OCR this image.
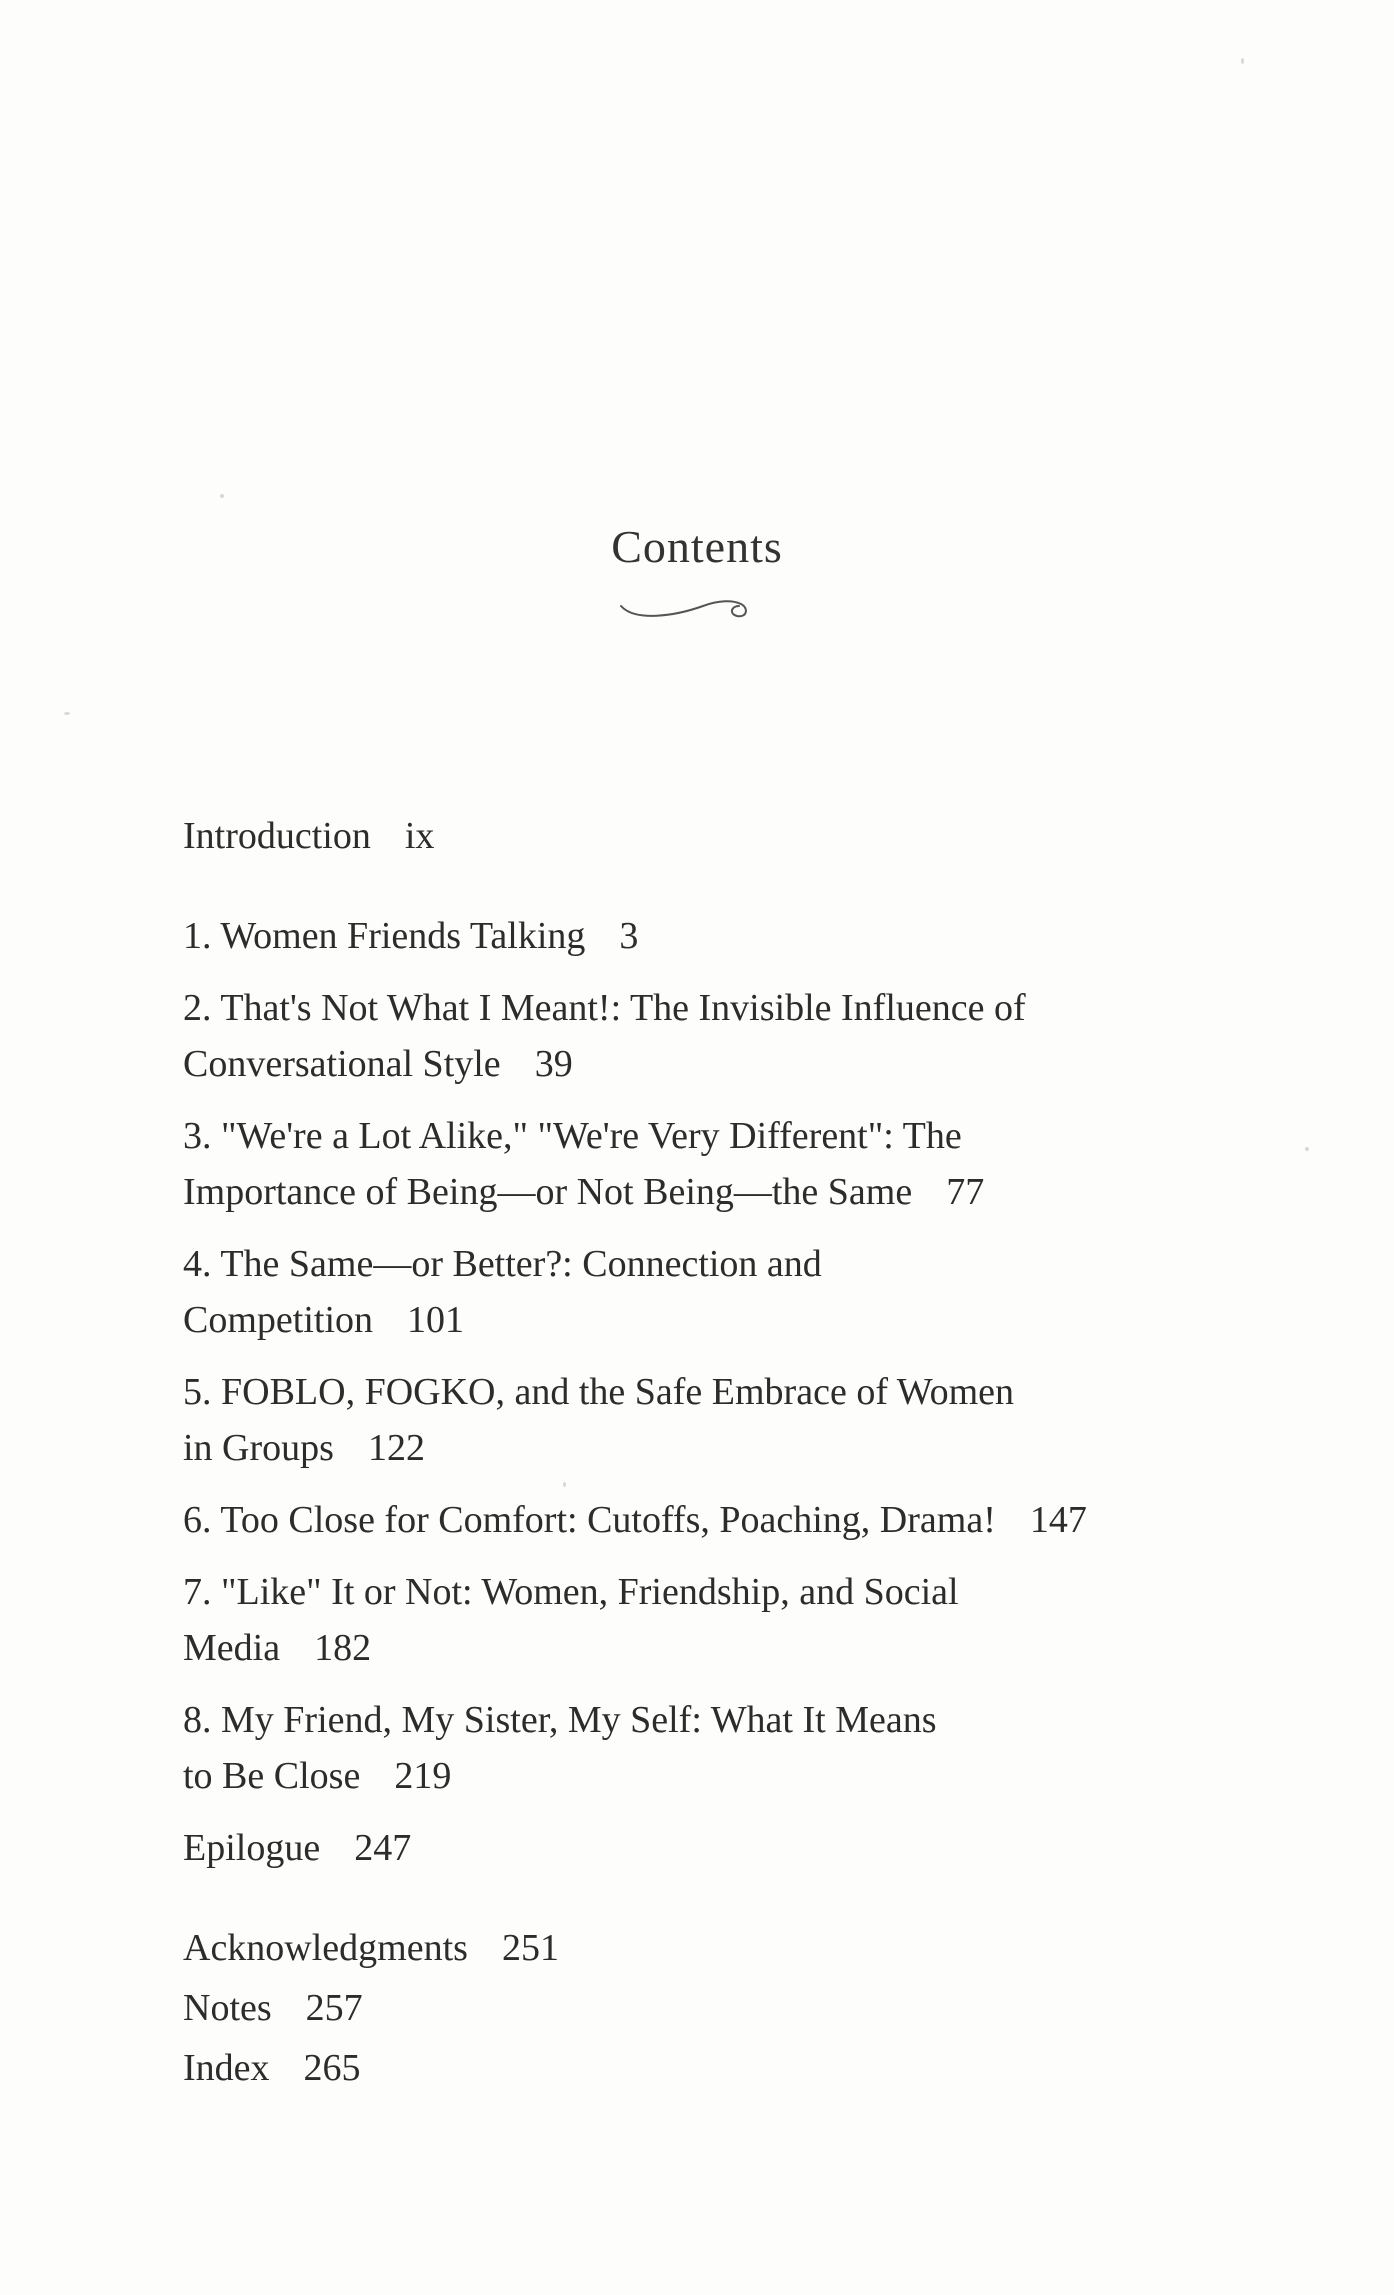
Contents

Introduction ix

1. Women Friends Talking 3

2. That's Not What I Meant!: The Invisible Influence of
Conversational Style 39

3. "We're a Lot Alike," "We're Very Different": The
Importance of Being—or Not Being—the Same 77

4. The Same—or Better?: Connection and
Competition 101

5. FOBLO, FOGKO, and the Safe Embrace of Women
in Groups 122

6. Too Close for Comfort: Cutoffs, Poaching, Drama! 147

7. "Like" It or Not: Women, Friendship, and Social
Media 182

8. My Friend, My Sister, My Self: What It Means
to Be Close 219

Epilogue 247

Acknowledgments 251

Notes 257

Index 265
